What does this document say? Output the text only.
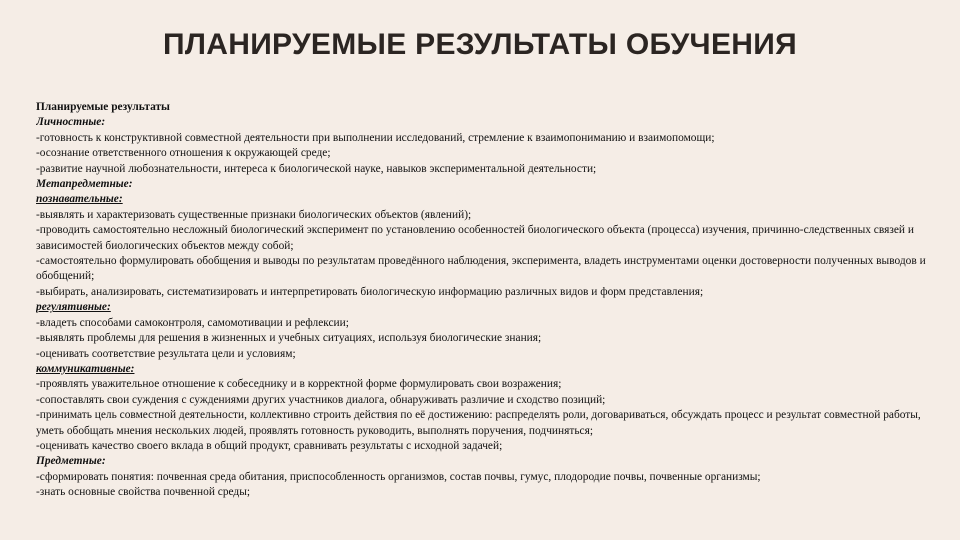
ПЛАНИРУЕМЫЕ РЕЗУЛЬТАТЫ ОБУЧЕНИЯ
Планируемые результаты
Личностные:
-готовность к конструктивной совместной деятельности при выполнении исследований, стремление к взаимопониманию и взаимопомощи;
-осознание ответственного отношения к окружающей среде;
-развитие научной любознательности, интереса к биологической науке, навыков экспериментальной деятельности;
Метапредметные:
познавательные:
-выявлять и характеризовать существенные признаки биологических объектов (явлений);
-проводить самостоятельно несложный биологический эксперимент по установлению особенностей биологического объекта (процесса) изучения, причинно-следственных связей и зависимостей биологических объектов между собой;
-самостоятельно формулировать обобщения и выводы по результатам проведённого наблюдения, эксперимента, владеть инструментами оценки достоверности полученных выводов и обобщений;
-выбирать, анализировать, систематизировать и интерпретировать биологическую информацию различных видов и форм представления;
регулятивные:
-владеть способами самоконтроля, самомотивации и рефлексии;
-выявлять проблемы для решения в жизненных и учебных ситуациях, используя биологические знания;
-оценивать соответствие результата цели и условиям;
коммуникативные:
-проявлять уважительное отношение к собеседнику и в корректной форме формулировать свои возражения;
-сопоставлять свои суждения с суждениями других участников диалога, обнаруживать различие и сходство позиций;
-принимать цель совместной деятельности, коллективно строить действия по её достижению: распределять роли, договариваться, обсуждать процесс и результат совместной работы, уметь обобщать мнения нескольких людей, проявлять готовность руководить, выполнять поручения, подчиняться;
-оценивать качество своего вклада в общий продукт, сравнивать результаты с исходной задачей;
Предметные:
-сформировать понятия: почвенная среда обитания, приспособленность организмов, состав почвы, гумус, плодородие почвы, почвенные организмы;
-знать основные свойства почвенной среды;
